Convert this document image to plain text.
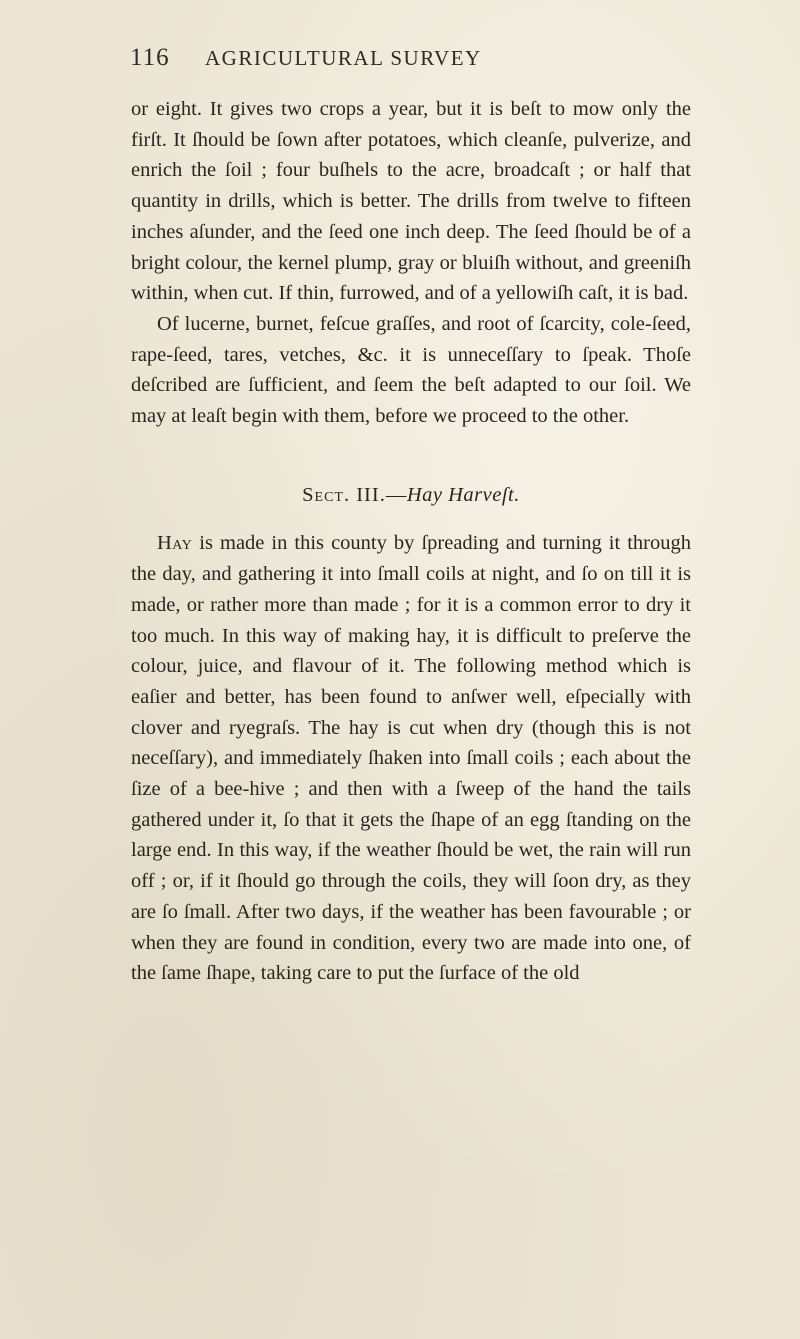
116 AGRICULTURAL SURVEY

or eight. It gives two crops a year, but it is beſt to mow only the firſt. It ſhould be ſown after potatoes, which cleanſe, pulverize, and enrich the ſoil ; four buſhels to the acre, broadcaſt ; or half that quantity in drills, which is better. The drills from twelve to fifteen inches aſunder, and the ſeed one inch deep. The ſeed ſhould be of a bright colour, the kernel plump, gray or bluiſh without, and greeniſh within, when cut. If thin, furrowed, and of a yellowiſh caſt, it is bad.

Of lucerne, burnet, feſcue graſſes, and root of ſcarcity, cole-ſeed, rape-ſeed, tares, vetches, &c. it is unneceſſary to ſpeak. Thoſe deſcribed are ſufficient, and ſeem the beſt adapted to our ſoil. We may at leaſt begin with them, before we proceed to the other.

Sect. III.—Hay Harveſt.

Hay is made in this county by ſpreading and turning it through the day, and gathering it into ſmall coils at night, and ſo on till it is made, or rather more than made ; for it is a common error to dry it too much. In this way of making hay, it is difficult to preſerve the colour, juice, and flavour of it. The following method which is eaſier and better, has been found to anſwer well, eſpecially with clover and ryegraſs. The hay is cut when dry (though this is not neceſſary), and immediately ſhaken into ſmall coils ; each about the ſize of a bee-hive ; and then with a ſweep of the hand the tails gathered under it, ſo that it gets the ſhape of an egg ſtanding on the large end. In this way, if the weather ſhould be wet, the rain will run off ; or, if it ſhould go through the coils, they will ſoon dry, as they are ſo ſmall. After two days, if the weather has been favourable ; or when they are found in condition, every two are made into one, of the ſame ſhape, taking care to put the ſurface of the old
